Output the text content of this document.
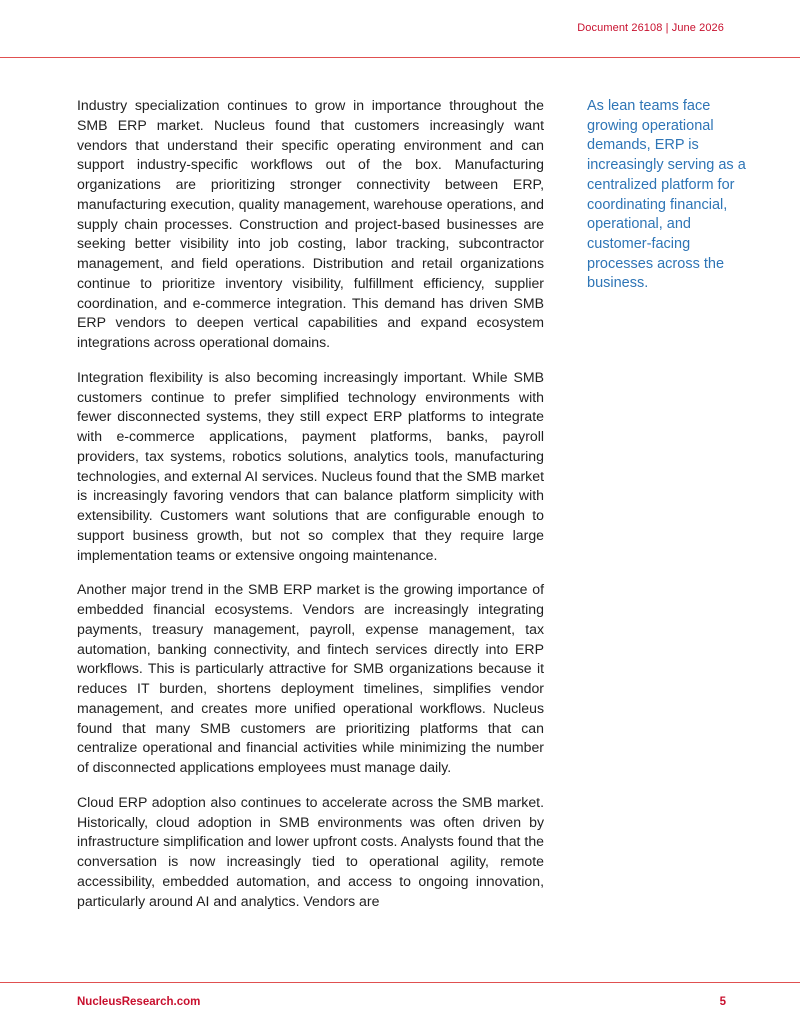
Document 26108 | June 2026

Industry specialization continues to grow in importance throughout the SMB ERP market. Nucleus found that customers increasingly want vendors that understand their specific operating environment and can support industry-specific workflows out of the box. Manufacturing organizations are prioritizing stronger connectivity between ERP, manufacturing execution, quality management, warehouse operations, and supply chain processes. Construction and project-based businesses are seeking better visibility into job costing, labor tracking, subcontractor management, and field operations. Distribution and retail organizations continue to prioritize inventory visibility, fulfillment efficiency, supplier coordination, and e-commerce integration. This demand has driven SMB ERP vendors to deepen vertical capabilities and expand ecosystem integrations across operational domains.

Integration flexibility is also becoming increasingly important. While SMB customers continue to prefer simplified technology environments with fewer disconnected systems, they still expect ERP platforms to integrate with e-commerce applications, payment platforms, banks, payroll providers, tax systems, robotics solutions, analytics tools, manufacturing technologies, and external AI services. Nucleus found that the SMB market is increasingly favoring vendors that can balance platform simplicity with extensibility. Customers want solutions that are configurable enough to support business growth, but not so complex that they require large implementation teams or extensive ongoing maintenance.

Another major trend in the SMB ERP market is the growing importance of embedded financial ecosystems. Vendors are increasingly integrating payments, treasury management, payroll, expense management, tax automation, banking connectivity, and fintech services directly into ERP workflows. This is particularly attractive for SMB organizations because it reduces IT burden, shortens deployment timelines, simplifies vendor management, and creates more unified operational workflows. Nucleus found that many SMB customers are prioritizing platforms that can centralize operational and financial activities while minimizing the number of disconnected applications employees must manage daily.

Cloud ERP adoption also continues to accelerate across the SMB market. Historically, cloud adoption in SMB environments was often driven by infrastructure simplification and lower upfront costs. Analysts found that the conversation is now increasingly tied to operational agility, remote accessibility, embedded automation, and access to ongoing innovation, particularly around AI and analytics. Vendors are

As lean teams face growing operational demands, ERP is increasingly serving as a centralized platform for coordinating financial, operational, and customer-facing processes across the business.
NucleusResearch.com	5
